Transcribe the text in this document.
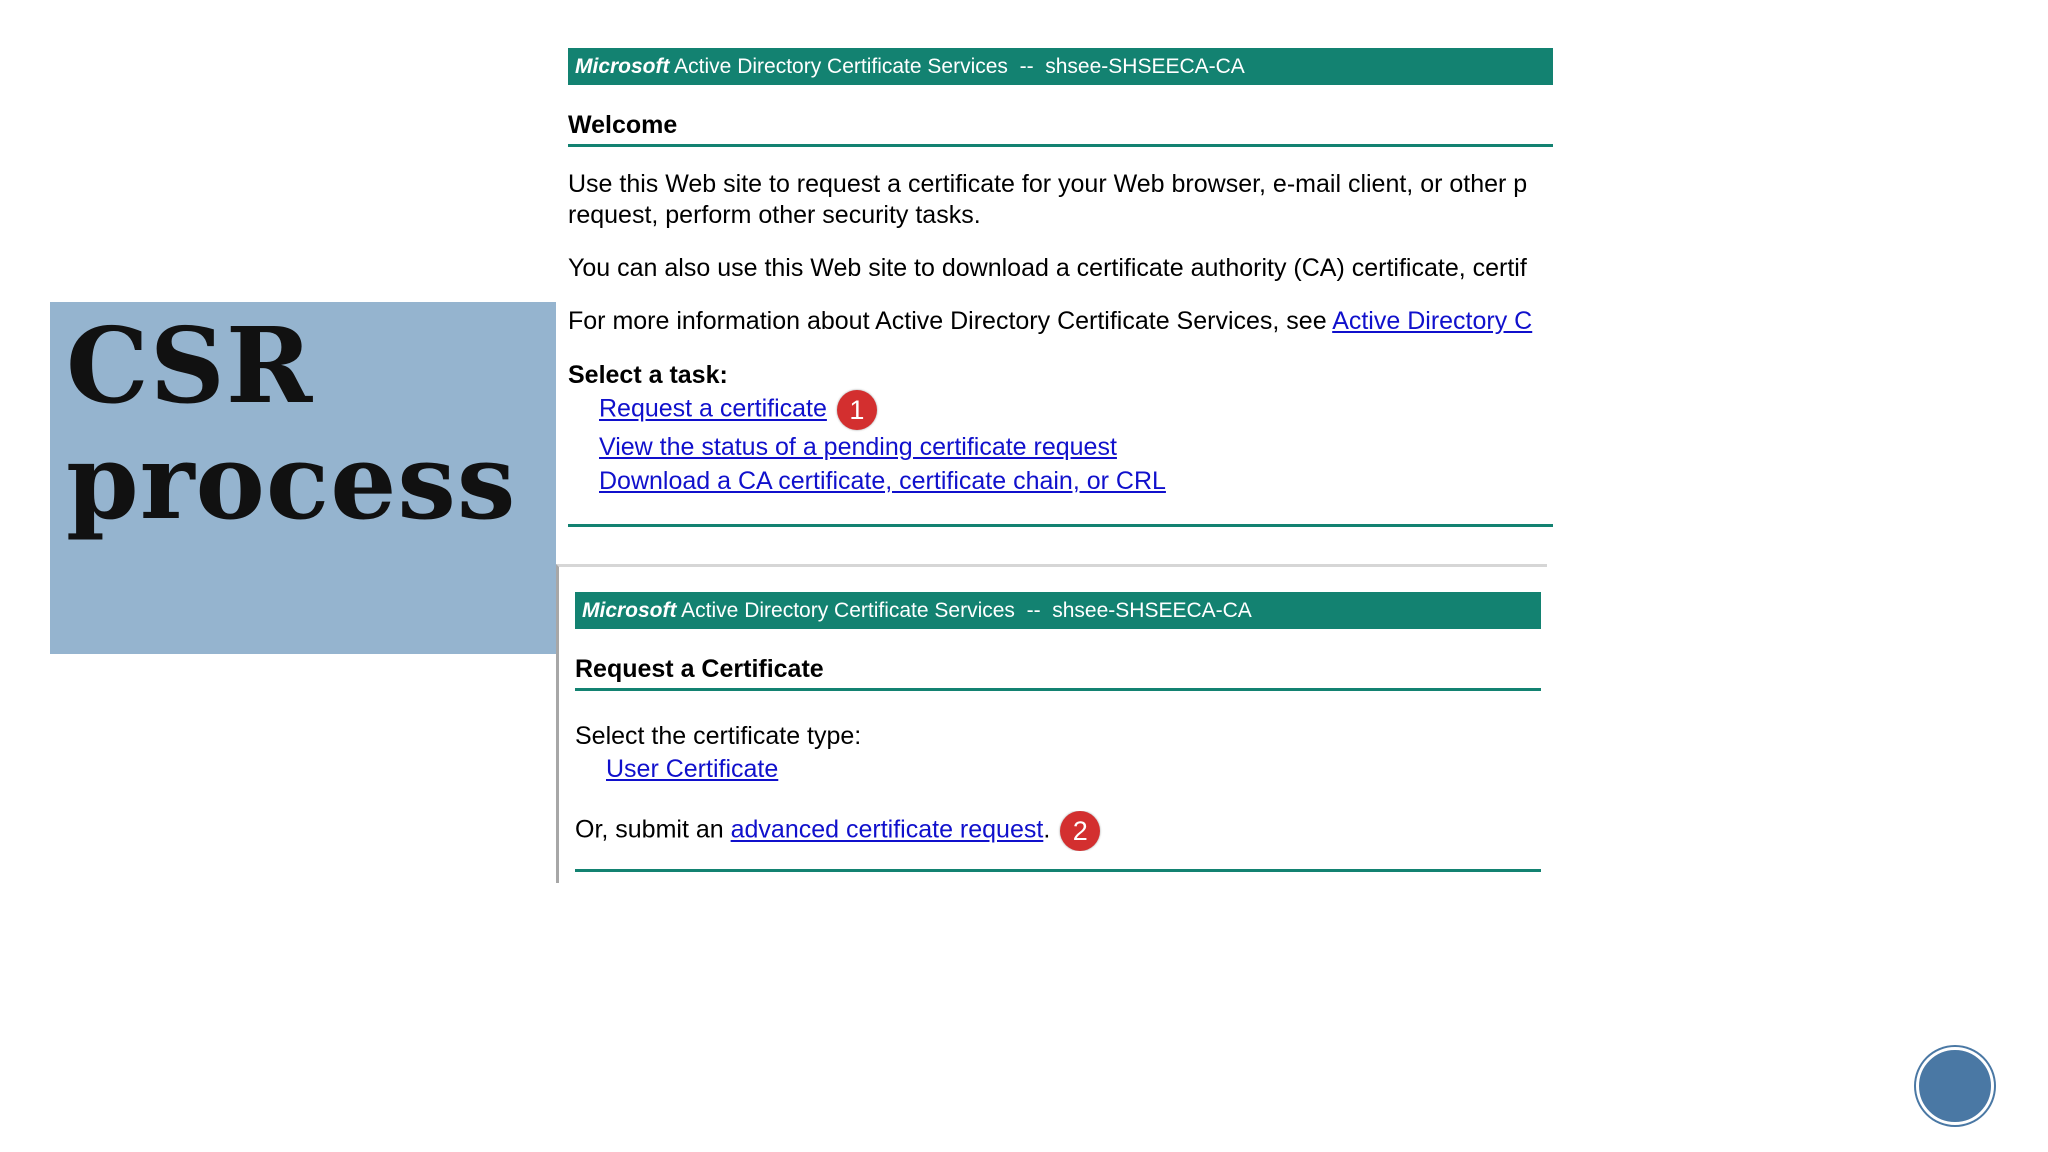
CSR
process
Microsoft Active Directory Certificate Services  --  shsee-SHSEECA-CA
Welcome
Use this Web site to request a certificate for your Web browser, e-mail client, or other p request, perform other security tasks.
You can also use this Web site to download a certificate authority (CA) certificate, certif
For more information about Active Directory Certificate Services, see Active Directory C
Select a task:
Request a certificate 1
View the status of a pending certificate request
Download a CA certificate, certificate chain, or CRL
Microsoft Active Directory Certificate Services  --  shsee-SHSEECA-CA
Request a Certificate
Select the certificate type:
User Certificate
Or, submit an advanced certificate request. 2
